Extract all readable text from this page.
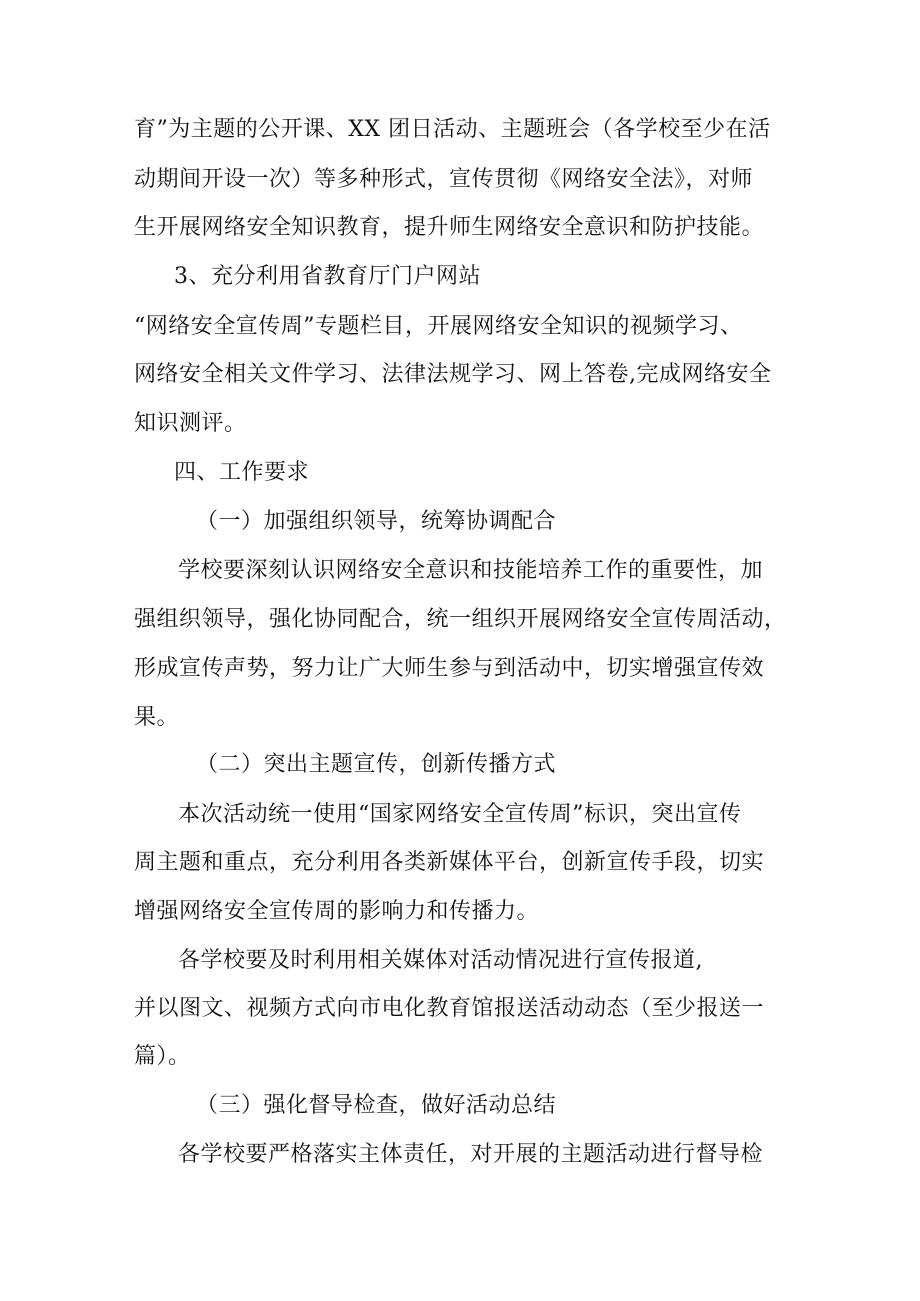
育”为主题的公开课、XX 团日活动、主题班会（各学校至少在活
动期间开设一次）等多种形式，宣传贯彻《网络安全法》，对师
生开展网络安全知识教育，提升师生网络安全意识和防护技能。
3、充分利用省教育厅门户网站
“网络安全宣传周”专题栏目，开展网络安全知识的视频学习、
网络安全相关文件学习、法律法规学习、网上答卷,完成网络安全
知识测评。
四、工作要求
（一）加强组织领导，统筹协调配合
学校要深刻认识网络安全意识和技能培养工作的重要性，加
强组织领导，强化协同配合，统一组织开展网络安全宣传周活动，
形成宣传声势，努力让广大师生参与到活动中，切实增强宣传效
果。
（二）突出主题宣传，创新传播方式
本次活动统一使用“国家网络安全宣传周”标识，突出宣传
周主题和重点，充分利用各类新媒体平台，创新宣传手段，切实
增强网络安全宣传周的影响力和传播力。
各学校要及时利用相关媒体对活动情况进行宣传报道,
并以图文、视频方式向市电化教育馆报送活动动态（至少报送一
篇）。
（三）强化督导检查，做好活动总结
各学校要严格落实主体责任，对开展的主题活动进行督导检
